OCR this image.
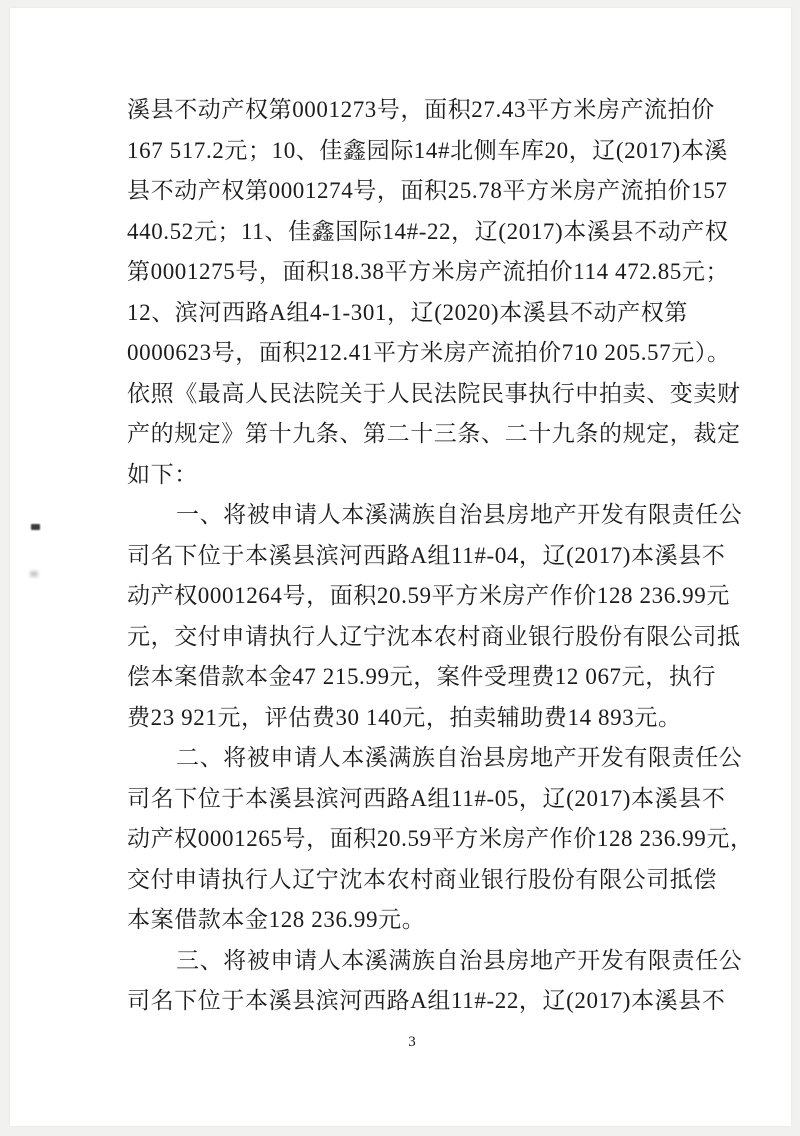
溪县不动产权第0001273号，面积27.43平方米房产流拍价
167 517.2元；10、佳鑫园际14#北侧车库20，辽(2017)本溪
县不动产权第0001274号，面积25.78平方米房产流拍价157
440.52元；11、佳鑫国际14#-22，辽(2017)本溪县不动产权
第0001275号，面积18.38平方米房产流拍价114 472.85元；
12、滨河西路A组4-1-301，辽(2020)本溪县不动产权第
0000623号，面积212.41平方米房产流拍价710 205.57元）。
依照《最高人民法院关于人民法院民事执行中拍卖、变卖财
产的规定》第十九条、第二十三条、二十九条的规定，裁定
如下：
一、将被申请人本溪满族自治县房地产开发有限责任公
司名下位于本溪县滨河西路A组11#-04，辽(2017)本溪县不
动产权0001264号，面积20.59平方米房产作价128 236.99元
元，交付申请执行人辽宁沈本农村商业银行股份有限公司抵
偿本案借款本金47 215.99元，案件受理费12 067元，执行
费23 921元，评估费30 140元，拍卖辅助费14 893元。
二、将被申请人本溪满族自治县房地产开发有限责任公
司名下位于本溪县滨河西路A组11#-05，辽(2017)本溪县不
动产权0001265号，面积20.59平方米房产作价128 236.99元，
交付申请执行人辽宁沈本农村商业银行股份有限公司抵偿
本案借款本金128 236.99元。
三、将被申请人本溪满族自治县房地产开发有限责任公
司名下位于本溪县滨河西路A组11#-22，辽(2017)本溪县不
3
